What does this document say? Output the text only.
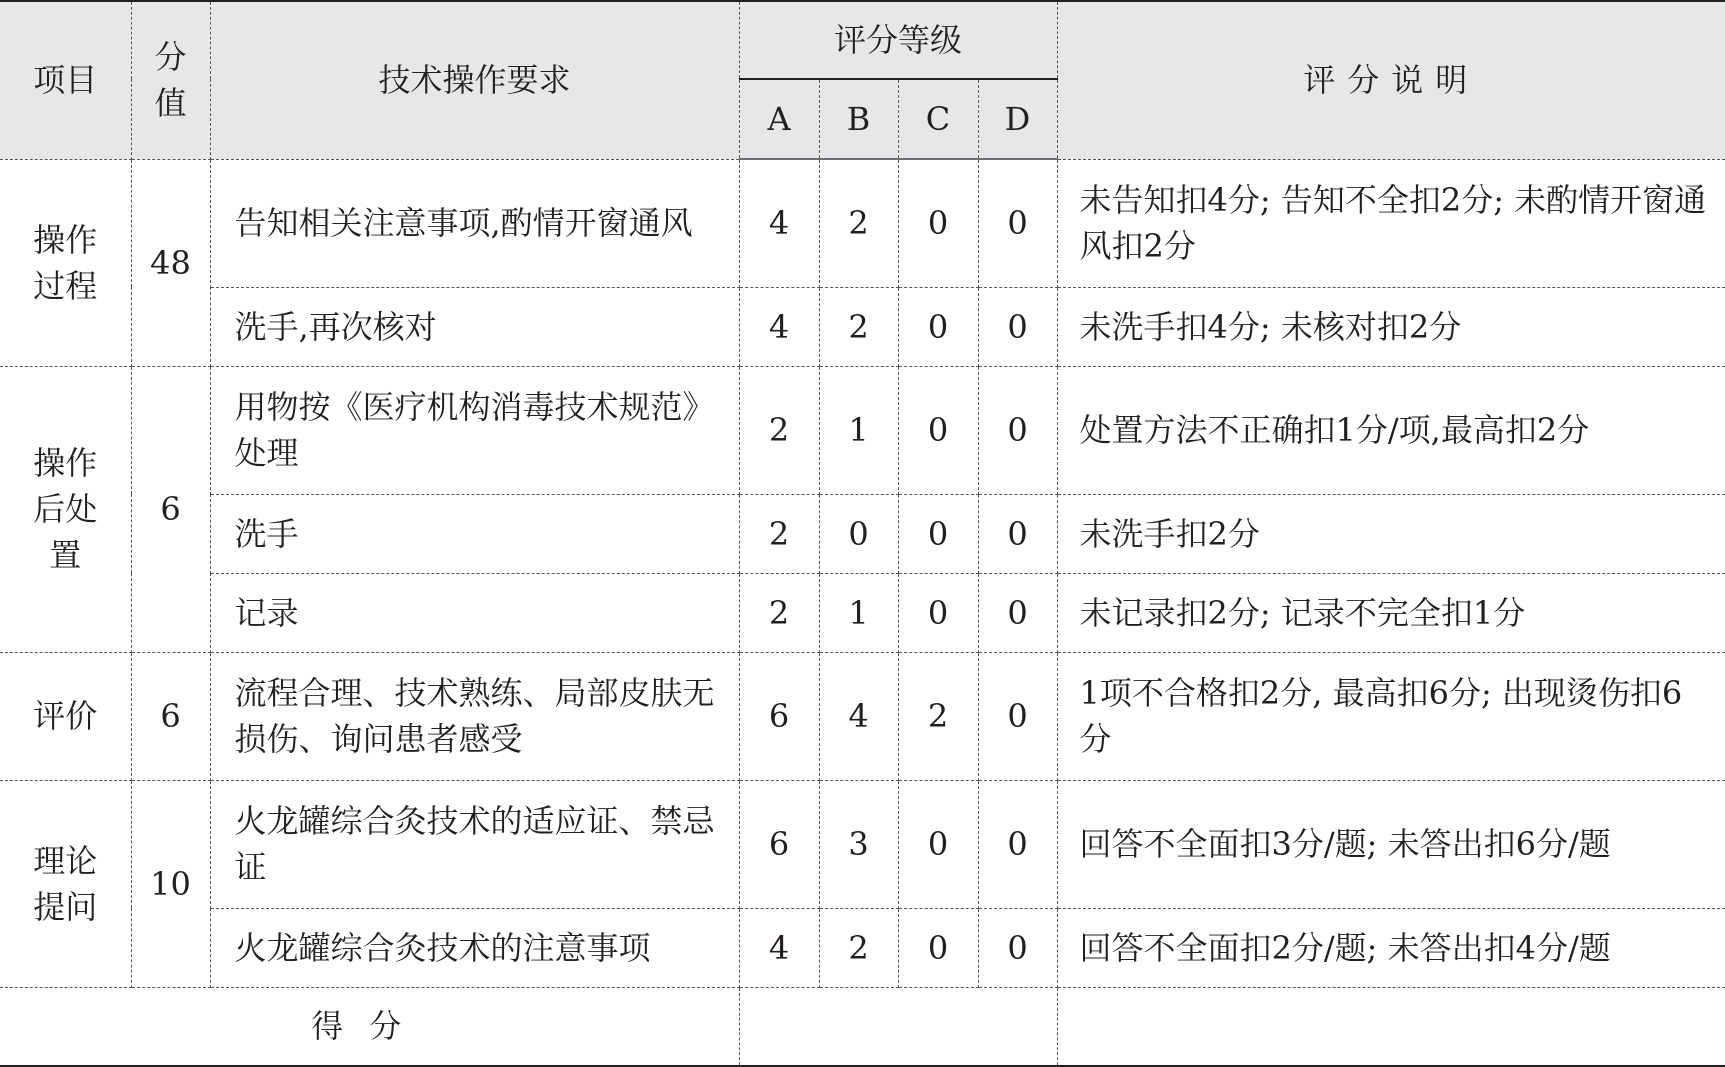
项目	分值	技术操作要求	评分等级				评分说明
			A	B	C	D	
操作过程	48	告知相关注意事项,酌情开窗通风	4	2	0	0	未告知扣4分; 告知不全扣2分; 未酌情开窗通风扣2分
		洗手,再次核对	4	2	0	0	未洗手扣4分; 未核对扣2分
操作后处置	6	用物按《医疗机构消毒技术规范》处理	2	1	0	0	处置方法不正确扣1分/项,最高扣2分
		洗手	2	0	0	0	未洗手扣2分
		记录	2	1	0	0	未记录扣2分; 记录不完全扣1分
评价	6	流程合理、技术熟练、局部皮肤无损伤、询问患者感受	6	4	2	0	1项不合格扣2分, 最高扣6分; 出现烫伤扣6分
理论提问	10	火龙罐综合灸技术的适应证、禁忌证	6	3	0	0	回答不全面扣3分/题; 未答出扣6分/题
		火龙罐综合灸技术的注意事项	4	2	0	0	回答不全面扣2分/题; 未答出扣4分/题
得分							
